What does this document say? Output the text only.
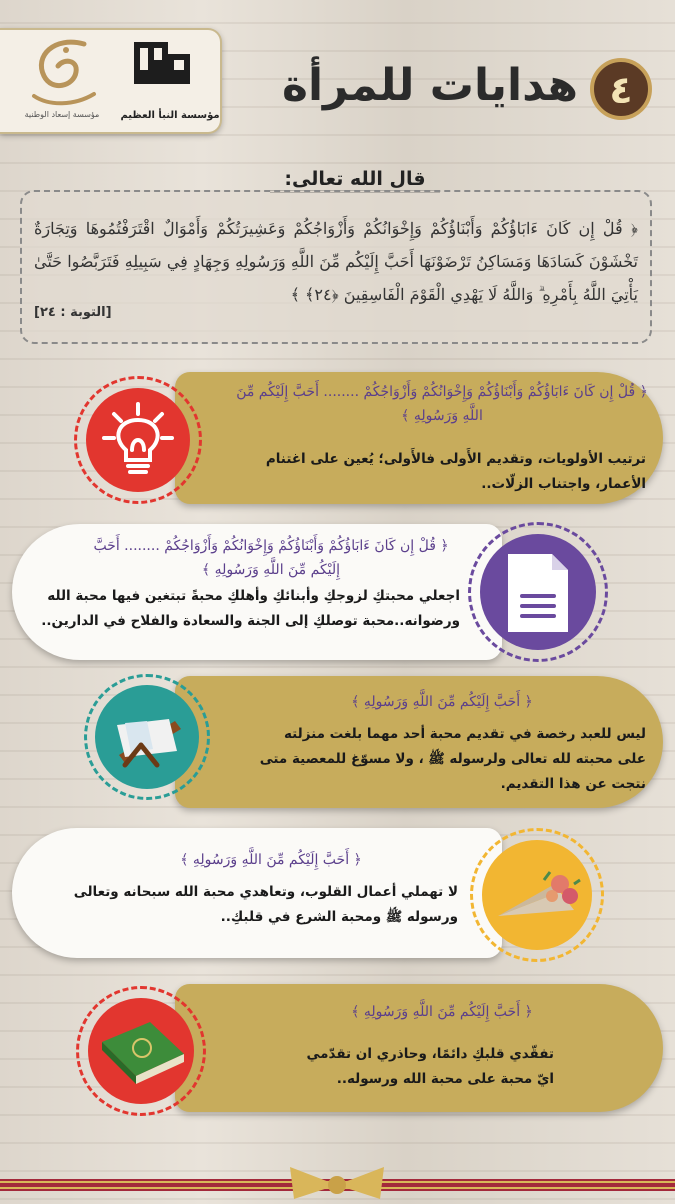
مؤسسة النبأ العظيم
مؤسسة إسعاد الوطنية
٤
هدايات للمرأة
قال الله تعالى:
﴿ قُلْ إِن كَانَ ءَابَاؤُكُمْ وَأَبْنَاؤُكُمْ وَإِخْوَانُكُمْ وَأَزْوَاجُكُمْ وَعَشِيرَتُكُمْ وَأَمْوَالٌ اقْتَرَفْتُمُوهَا وَتِجَارَةٌ تَخْشَوْنَ كَسَادَهَا وَمَسَاكِنُ تَرْضَوْنَهَا أَحَبَّ إِلَيْكُم مِّنَ اللَّهِ وَرَسُولِهِ وَجِهَادٍ فِي سَبِيلِهِ فَتَرَبَّصُوا حَتَّىٰ يَأْتِيَ اللَّهُ بِأَمْرِهِ ۗ وَاللَّهُ لَا يَهْدِي الْقَوْمَ الْفَاسِقِينَ ﴿٢٤﴾ ﴾
[التوبة : ٢٤]
﴿ قُلْ إِن كَانَ ءَابَاؤُكُمْ وَأَبْنَاؤُكُمْ وَإِخْوَانُكُمْ وَأَزْوَاجُكُمْ ........ أَحَبَّ إِلَيْكُم مِّنَ اللَّهِ وَرَسُولِهِ ﴾
ترتيب الأولويات، وتقديم الأَولى فالأَولى؛ يُعين على اغتنام الأعمار، واجتناب الزلّات..
﴿ قُلْ إِن كَانَ ءَابَاؤُكُمْ وَأَبْنَاؤُكُمْ وَإِخْوَانُكُمْ وَأَزْوَاجُكُمْ ........ أَحَبَّ إِلَيْكُم مِّنَ اللَّهِ وَرَسُولِهِ ﴾
اجعلي محبتكِ لزوجكِ وأبنائكِ وأهلكِ محبةً تبتغين فيها محبة الله ورضوانه..محبة توصلكِ إلى الجنة والسعادة والفلاح في الدارين..
﴿ أَحَبَّ إِلَيْكُم مِّنَ اللَّهِ وَرَسُولِهِ ﴾
ليس للعبد رخصة في تقديم محبة أحد مهما بلغت منزلته على محبته لله تعالى ولرسوله ﷺ ، ولا مسوّغ للمعصية متى نتجت عن هذا التقديم.
﴿ أَحَبَّ إِلَيْكُم مِّنَ اللَّهِ وَرَسُولِهِ ﴾
لا تهملي أعمال القلوب، وتعاهدي محبة الله سبحانه وتعالى ورسوله ﷺ ومحبة الشرع في قلبكِ..
﴿ أَحَبَّ إِلَيْكُم مِّنَ اللَّهِ وَرَسُولِهِ ﴾
تفقّدي قلبكِ دائمًا، وحاذري ان تقدّمي ايّ محبة على محبة الله ورسوله..
